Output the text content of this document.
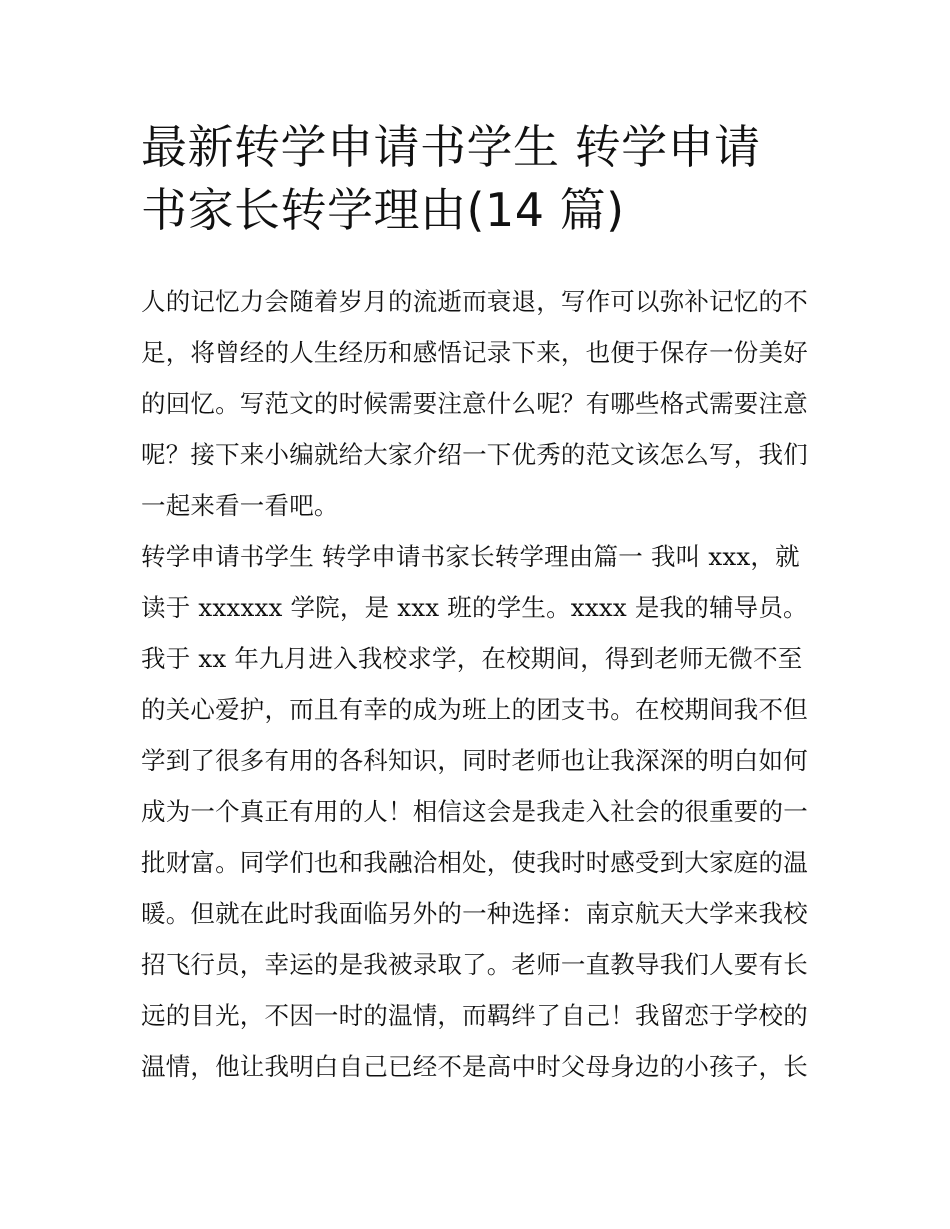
最新转学申请书学生 转学申请
书家长转学理由(14 篇)
人的记忆力会随着岁月的流逝而衰退，写作可以弥补记忆的不
足，将曾经的人生经历和感悟记录下来，也便于保存一份美好
的回忆。写范文的时候需要注意什么呢？有哪些格式需要注意
呢？接下来小编就给大家介绍一下优秀的范文该怎么写，我们
一起来看一看吧。
转学申请书学生 转学申请书家长转学理由篇一 我叫 xxx，就
读于 xxxxxx 学院，是 xxx 班的学生。xxxx 是我的辅导员。
我于 xx 年九月进入我校求学，在校期间，得到老师无微不至
的关心爱护，而且有幸的成为班上的团支书。在校期间我不但
学到了很多有用的各科知识，同时老师也让我深深的明白如何
成为一个真正有用的人！相信这会是我走入社会的很重要的一
批财富。同学们也和我融洽相处，使我时时感受到大家庭的温
暖。但就在此时我面临另外的一种选择：南京航天大学来我校
招飞行员，幸运的是我被录取了。老师一直教导我们人要有长
远的目光，不因一时的温情，而羁绊了自己！我留恋于学校的
温情，他让我明白自己已经不是高中时父母身边的小孩子，长
